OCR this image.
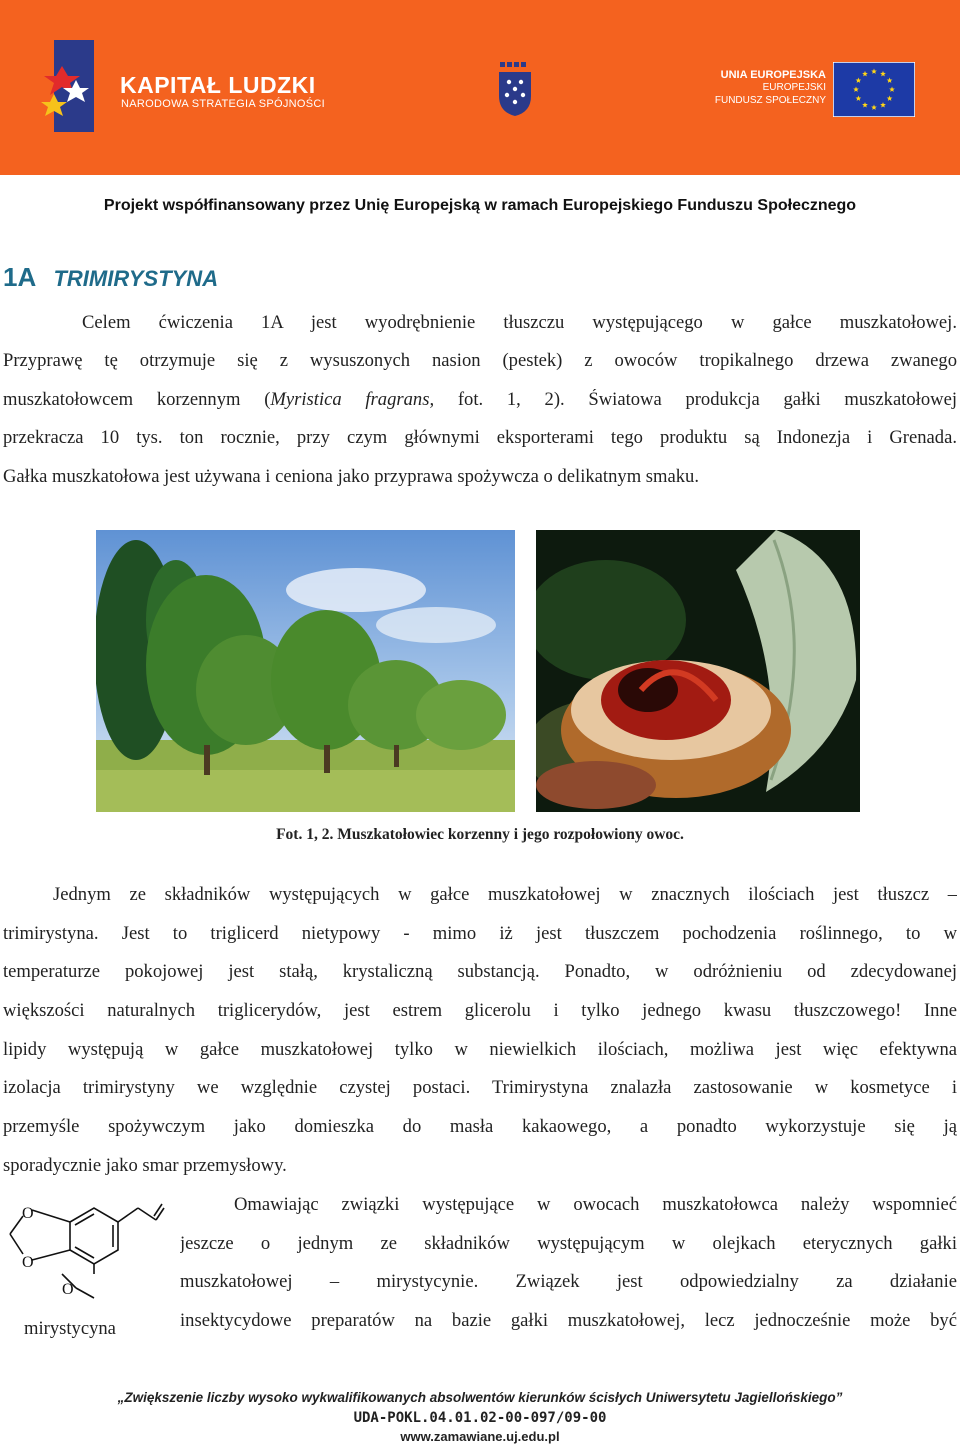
KAPITAŁ LUDZKI
NARODOWA STRATEGIA SPÓJNOŚCI
UNIA EUROPEJSKA
EUROPEJSKI
FUNDUSZ SPOŁECZNY
Projekt współfinansowany przez Unię Europejską w ramach Europejskiego Funduszu Społecznego
1A TRIMIRYSTYNA
Celem ćwiczenia 1A jest wyodrębnienie tłuszczu występującego w gałce muszkatołowej.
Przyprawę tę otrzymuje się z wysuszonych nasion (pestek) z owoców tropikalnego drzewa zwanego
muszkatołowcem korzennym (Myristica fragrans, fot. 1, 2). Światowa produkcja gałki muszkatołowej
przekracza 10 tys. ton rocznie, przy czym głównymi eksporterami tego produktu są Indonezja i Grenada.
Gałka muszkatołowa jest używana i ceniona jako przyprawa spożywcza o delikatnym smaku.
Fot. 1, 2. Muszkatołowiec korzenny i jego rozpołowiony owoc.
Jednym ze składników występujących w gałce muszkatołowej w znacznych ilościach jest tłuszcz –
trimirystyna. Jest to triglicerd nietypowy - mimo iż jest tłuszczem pochodzenia roślinnego, to w
temperaturze pokojowej jest stałą, krystaliczną substancją. Ponadto, w odróżnieniu od zdecydowanej
większości naturalnych triglicerydów, jest estrem glicerolu i tylko jednego kwasu tłuszczowego! Inne
lipidy występują w gałce muszkatołowej tylko w niewielkich ilościach, możliwa jest więc efektywna
izolacja trimirystyny we względnie czystej postaci. Trimirystyna znalazła zastosowanie w kosmetyce i
przemyśle spożywczym jako domieszka do masła kakaowego, a ponadto wykorzystuje się ją
sporadycznie jako smar przemysłowy.
O
O
O
mirystycyna
Omawiając związki występujące w owocach muszkatołowca należy wspomnieć
jeszcze o jednym ze składników występującym w olejkach eterycznych gałki
muszkatołowej – mirystycynie. Związek jest odpowiedzialny za działanie
insektycydowe preparatów na bazie gałki muszkatołowej, lecz jednocześnie może być
„Zwiększenie liczby wysoko wykwalifikowanych absolwentów kierunków ścisłych Uniwersytetu Jagiellońskiego”
UDA-POKL.04.01.02-00-097/09-00
www.zamawiane.uj.edu.pl
